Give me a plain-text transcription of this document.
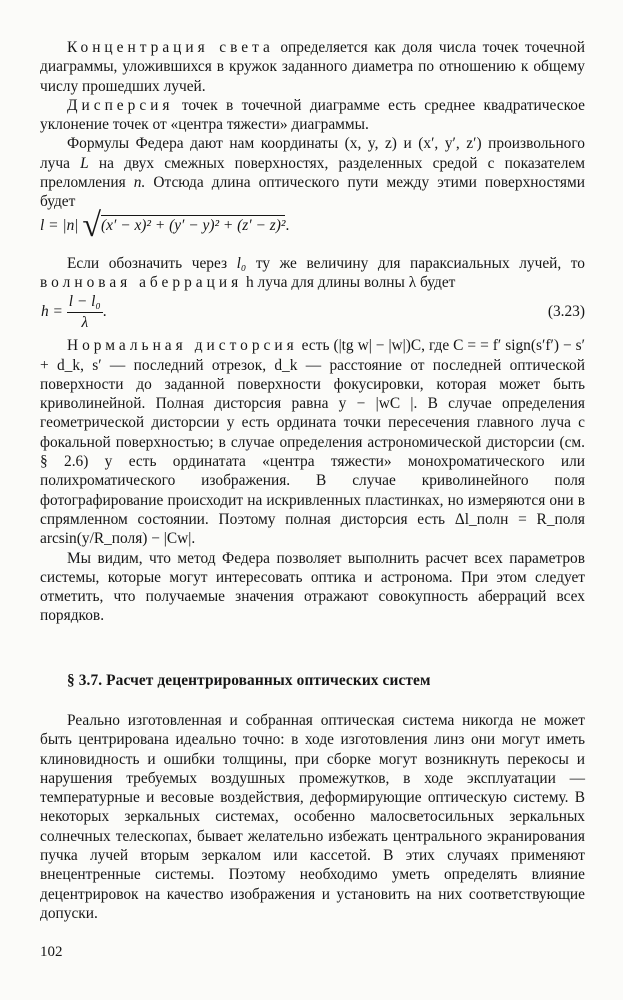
Концентрация света определяется как доля числа точек точечной диаграммы, уложившихся в кружок заданного диаметра по отношению к общему числу прошедших лучей.

Дисперсия точек в точечной диаграмме есть среднее квадратическое уклонение точек от «центра тяжести» диаграммы.

Формулы Федера дают нам координаты (x, y, z) и (x′, y′, z′) произвольного луча L на двух смежных поверхностях, разделенных средой с показателем преломления n. Отсюда длина оптического пути между этими поверхностями будет

l = |n| √(x′ − x)² + (y′ − y)² + (z′ − z)².

Если обозначить через l₀ ту же величину для параксиальных лучей, то волновая аберрация h луча для длины волны λ будет

$h = \frac{\text{l − l₀}}{\lambda}$ .	(3.23)

Нормальная дисторсия есть (|tg w| − |w|)C, где C = = f′ sign(s′f′) − s′ + d_k, s′ — последний отрезок, d_k — расстояние от последней оптической поверхности до заданной поверхности фокусировки, которая может быть криволинейной. Полная дисторсия равна y − |wC |. В случае определения геометрической дисторсии y есть ордината точки пересечения главного луча с фокальной поверхностью; в случае определения астрономической дисторсии (см. § 2.6) y есть ординатата «центра тяжести» монохроматического или полихроматического изображения. В случае криволинейного поля фотографирование происходит на искривленных пластинках, но измеряются они в спрямленном состоянии. Поэтому полная дисторсия есть Δl_полн = R_поля arcsin(y/R_поля) − |Cw|.

Мы видим, что метод Федера позволяет выполнить расчет всех параметров системы, которые могут интересовать оптика и астронома. При этом следует отметить, что получаемые значения отражают совокупность аберраций всех порядков.

§ 3.7. Расчет децентрированных оптических систем

Реально изготовленная и собранная оптическая система никогда не может быть центрирована идеально точно: в ходе изготовления линз они могут иметь клиновидность и ошибки толщины, при сборке могут возникнуть перекосы и нарушения требуемых воздушных промежутков, в ходе эксплуатации — температурные и весовые воздействия, деформирующие оптическую систему. В некоторых зеркальных системах, особенно малосветосильных зеркальных солнечных телескопах, бывает желательно избежать центрального экранирования пучка лучей вторым зеркалом или кассетой. В этих случаях применяют внецентренные системы. Поэтому необходимо уметь определять влияние децентрировок на качество изображения и установить на них соответствующие допуски.

102
